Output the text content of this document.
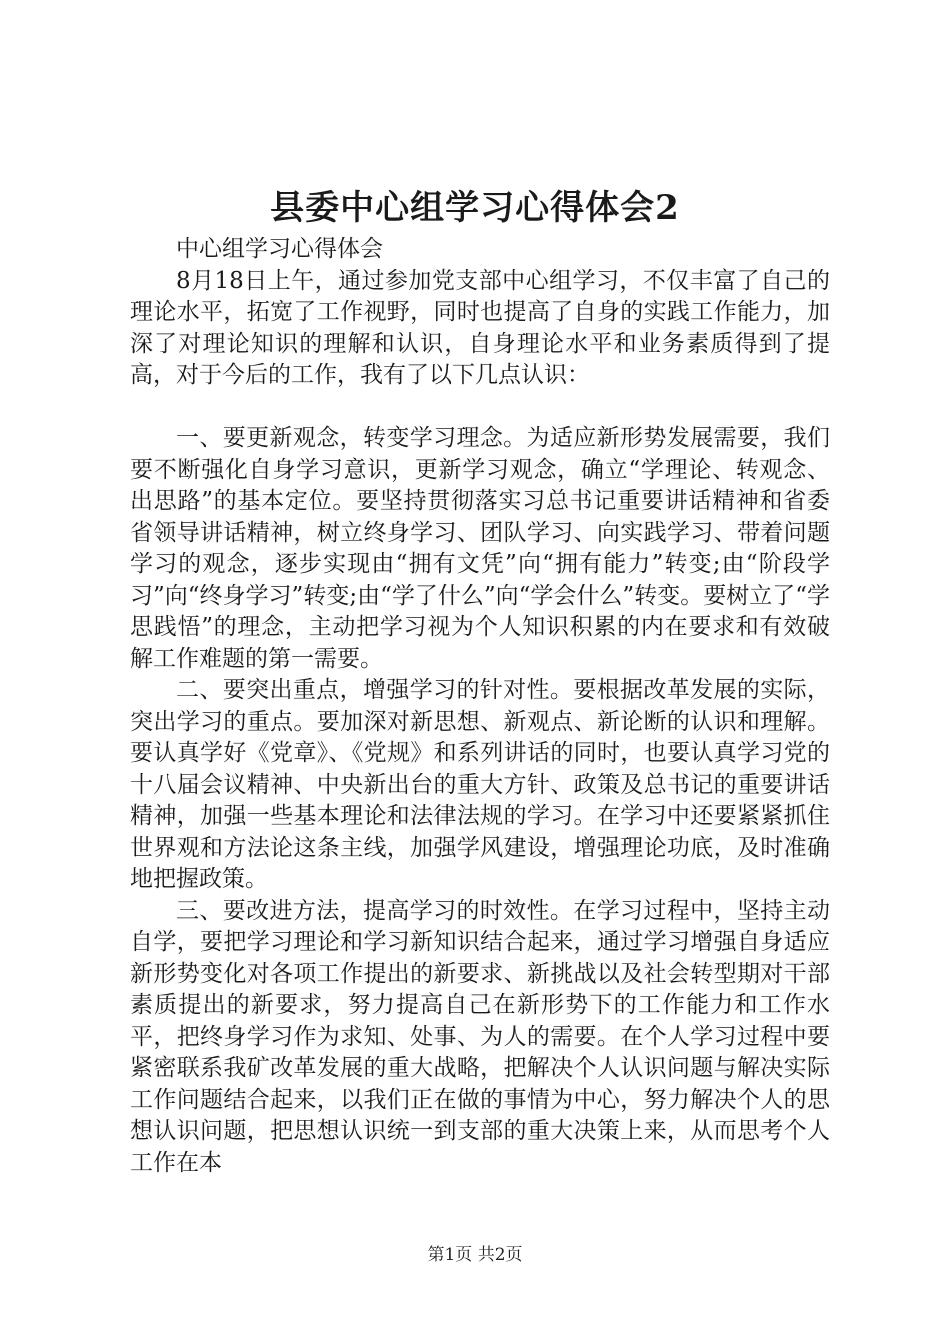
县委中心组学习心得体会2

中心组学习心得体会

8月18日上午，通过参加党支部中心组学习，不仅丰富了自己的理论水平，拓宽了工作视野，同时也提高了自身的实践工作能力，加深了对理论知识的理解和认识，自身理论水平和业务素质得到了提高，对于今后的工作，我有了以下几点认识：

一、要更新观念，转变学习理念。为适应新形势发展需要，我们要不断强化自身学习意识，更新学习观念，确立“学理论、转观念、出思路”的基本定位。要坚持贯彻落实习总书记重要讲话精神和省委省领导讲话精神，树立终身学习、团队学习、向实践学习、带着问题学习的观念，逐步实现由“拥有文凭”向“拥有能力”转变;由“阶段学习”向“终身学习”转变;由“学了什么”向“学会什么”转变。要树立了“学思践悟”的理念，主动把学习视为个人知识积累的内在要求和有效破解工作难题的第一需要。

二、要突出重点，增强学习的针对性。要根据改革发展的实际，突出学习的重点。要加深对新思想、新观点、新论断的认识和理解。要认真学好《党章》、《党规》和系列讲话的同时，也要认真学习党的十八届会议精神、中央新出台的重大方针、政策及总书记的重要讲话精神，加强一些基本理论和法律法规的学习。在学习中还要紧紧抓住世界观和方法论这条主线，加强学风建设，增强理论功底，及时准确地把握政策。

三、要改进方法，提高学习的时效性。在学习过程中，坚持主动自学，要把学习理论和学习新知识结合起来，通过学习增强自身适应新形势变化对各项工作提出的新要求、新挑战以及社会转型期对干部素质提出的新要求，努力提高自己在新形势下的工作能力和工作水平，把终身学习作为求知、处事、为人的需要。在个人学习过程中要紧密联系我矿改革发展的重大战略，把解决个人认识问题与解决实际工作问题结合起来，以我们正在做的事情为中心，努力解决个人的思想认识问题，把思想认识统一到支部的重大决策上来，从而思考个人工作在本

第1页 共2页
